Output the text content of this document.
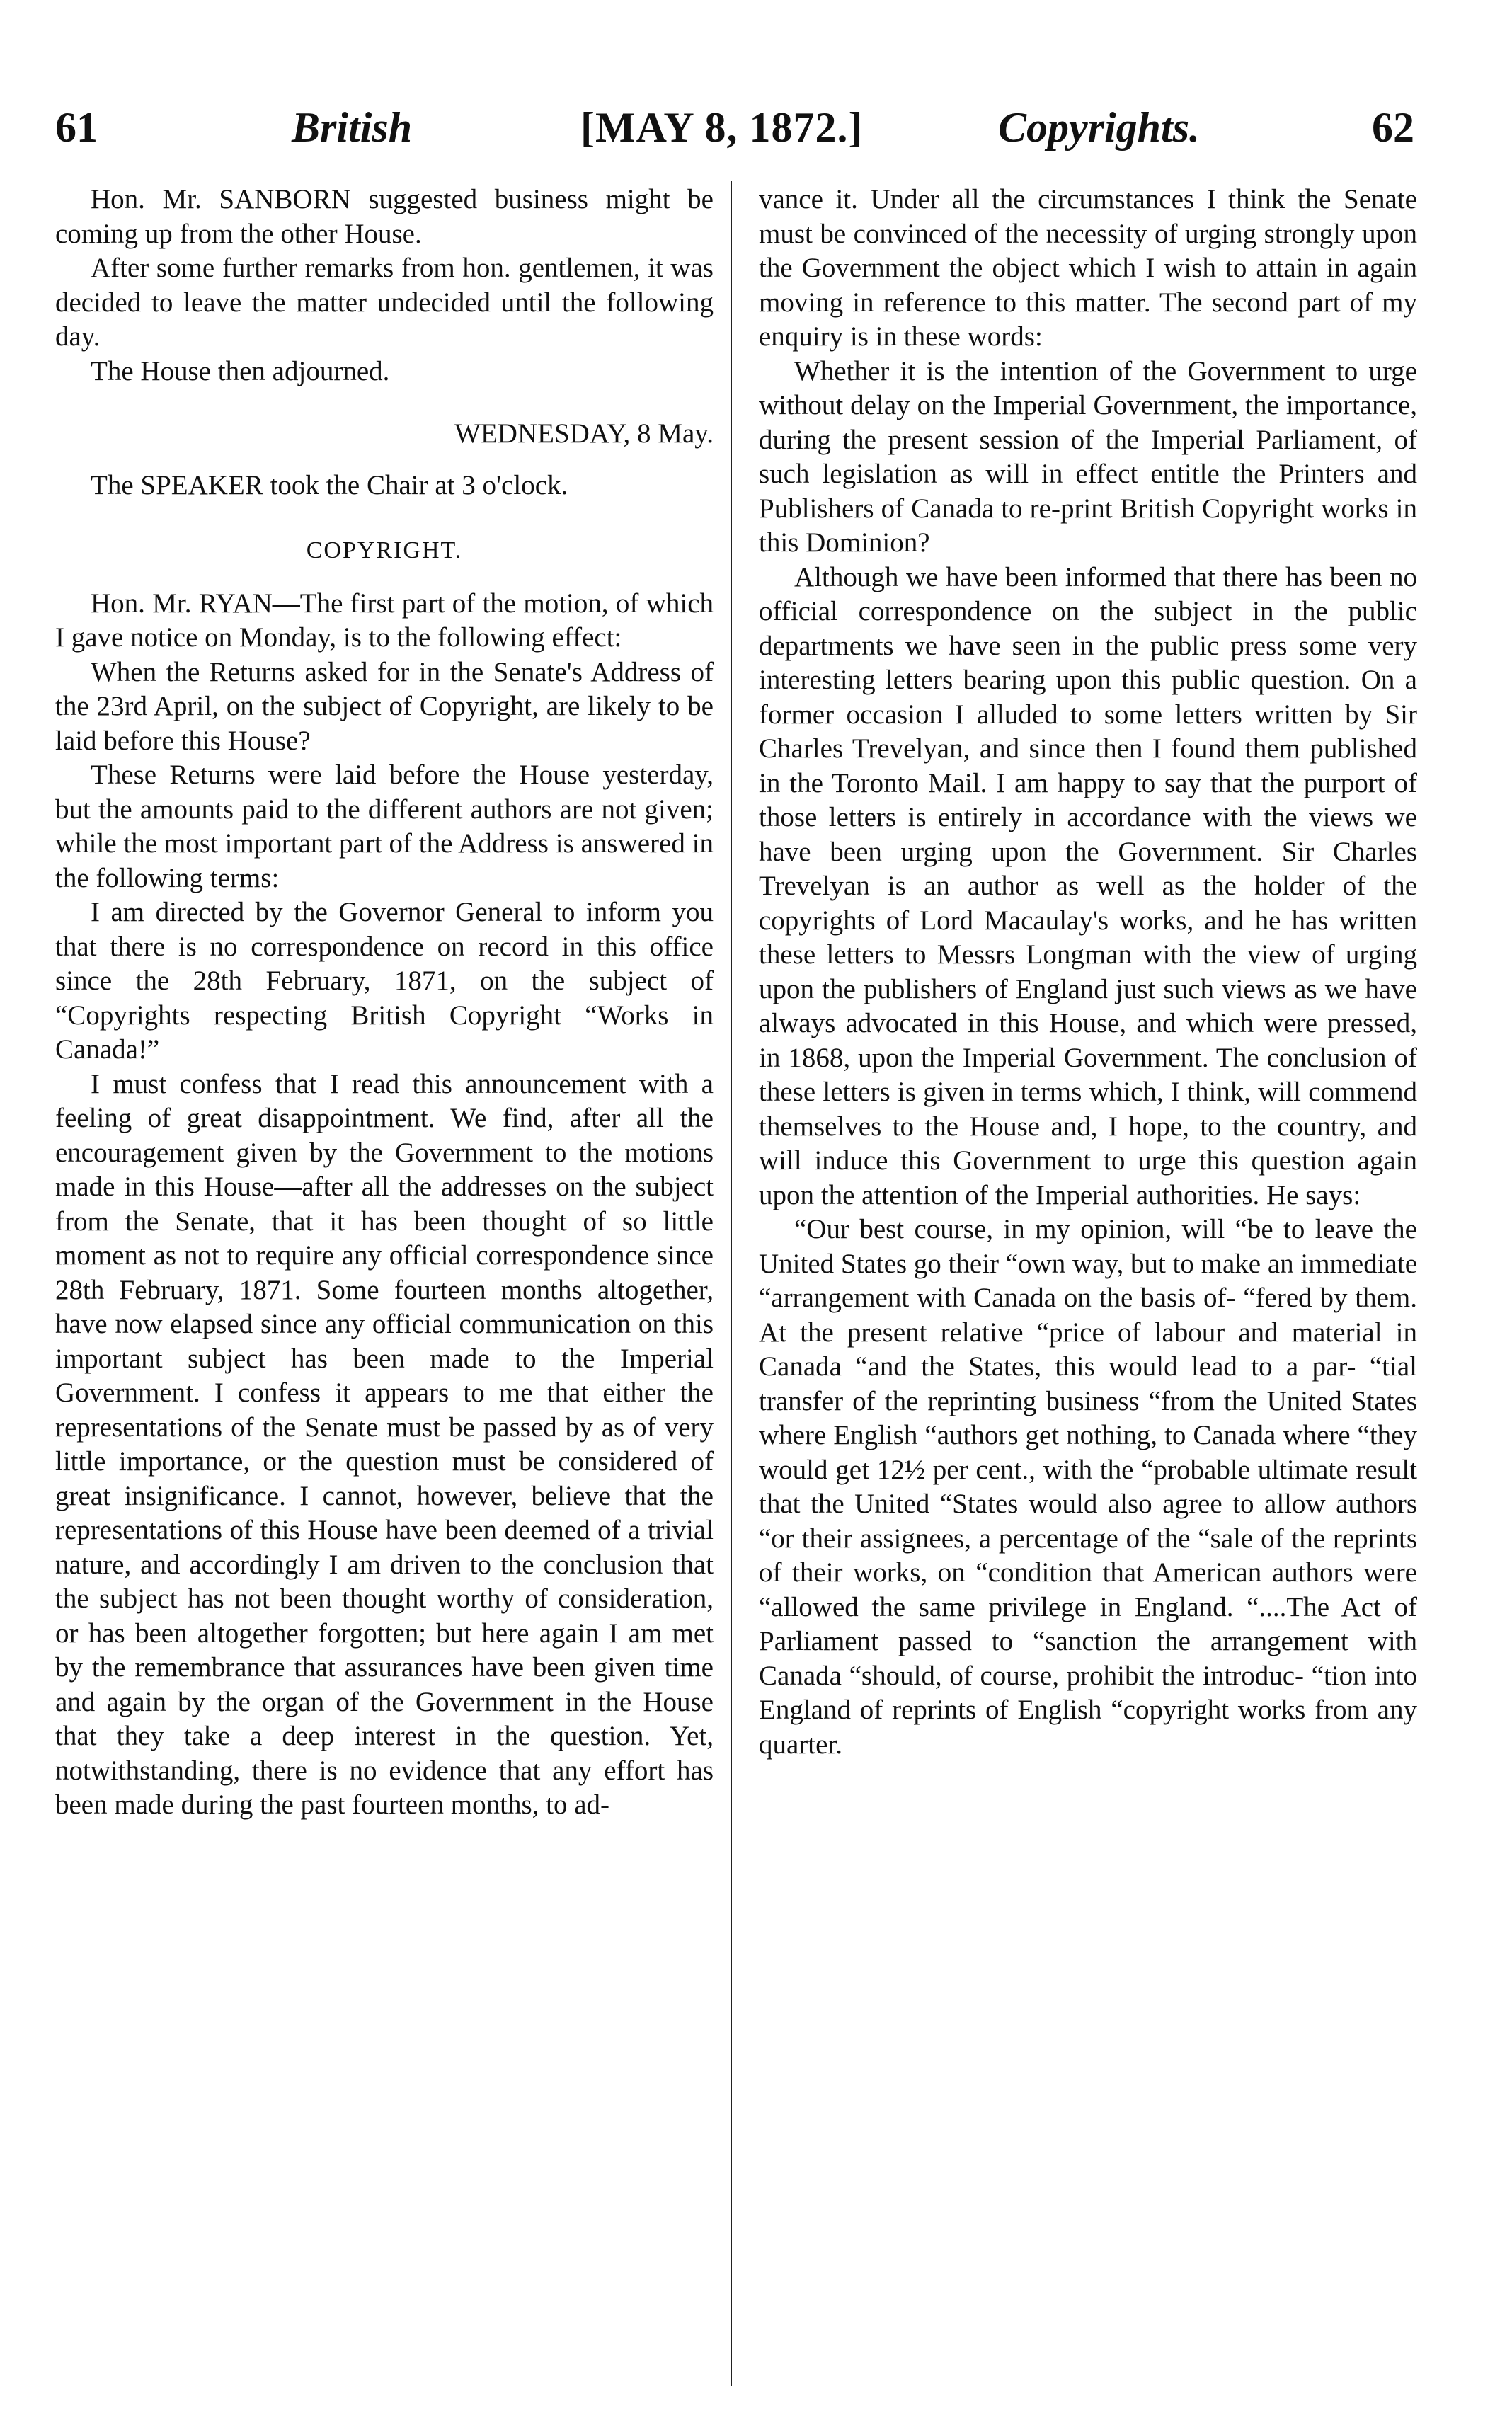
61	British	[MAY 8, 1872.]	Copyrights.	62

Hon. Mr. SANBORN suggested business might be coming up from the other House.

After some further remarks from hon. gentlemen, it was decided to leave the matter undecided until the following day.

The House then adjourned.

WEDNESDAY, 8 May.

The SPEAKER took the Chair at 3 o'clock.

COPYRIGHT.

Hon. Mr. RYAN—The first part of the motion, of which I gave notice on Monday, is to the following effect:

When the Returns asked for in the Senate's Address of the 23rd April, on the subject of Copyright, are likely to be laid before this House?

These Returns were laid before the House yesterday, but the amounts paid to the different authors are not given; while the most important part of the Address is answered in the following terms:

I am directed by the Governor General to inform you that there is no correspondence on record in this office since the 28th February, 1871, on the subject of “Copyrights respecting British Copyright “Works in Canada!”

I must confess that I read this announcement with a feeling of great disappointment. We find, after all the encouragement given by the Government to the motions made in this House—after all the addresses on the subject from the Senate, that it has been thought of so little moment as not to require any official correspondence since 28th February, 1871. Some fourteen months altogether, have now elapsed since any official communication on this important subject has been made to the Imperial Government. I confess it appears to me that either the representations of the Senate must be passed by as of very little importance, or the question must be considered of great insignificance. I cannot, however, believe that the representations of this House have been deemed of a trivial nature, and accordingly I am driven to the conclusion that the subject has not been thought worthy of consideration, or has been altogether forgotten; but here again I am met by the remembrance that assurances have been given time and again by the organ of the Government in the House that they take a deep interest in the question. Yet, notwithstanding, there is no evidence that any effort has been made during the past fourteen months, to ad-

vance it. Under all the circumstances I think the Senate must be convinced of the necessity of urging strongly upon the Government the object which I wish to attain in again moving in reference to this matter. The second part of my enquiry is in these words:

Whether it is the intention of the Government to urge without delay on the Imperial Government, the importance, during the present session of the Imperial Parliament, of such legislation as will in effect entitle the Printers and Publishers of Canada to re-print British Copyright works in this Dominion?

Although we have been informed that there has been no official correspondence on the subject in the public departments we have seen in the public press some very interesting letters bearing upon this public question. On a former occasion I alluded to some letters written by Sir Charles Trevelyan, and since then I found them published in the Toronto Mail. I am happy to say that the purport of those letters is entirely in accordance with the views we have been urging upon the Government. Sir Charles Trevelyan is an author as well as the holder of the copyrights of Lord Macaulay's works, and he has written these letters to Messrs Longman with the view of urging upon the publishers of England just such views as we have always advocated in this House, and which were pressed, in 1868, upon the Imperial Government. The conclusion of these letters is given in terms which, I think, will commend themselves to the House and, I hope, to the country, and will induce this Government to urge this question again upon the attention of the Imperial authorities. He says:

“Our best course, in my opinion, will “be to leave the United States go their “own way, but to make an immediate “arrangement with Canada on the basis of- “fered by them. At the present relative “price of labour and material in Canada “and the States, this would lead to a par- “tial transfer of the reprinting business “from the United States where English “authors get nothing, to Canada where “they would get 12½ per cent., with the “probable ultimate result that the United “States would also agree to allow authors “or their assignees, a percentage of the “sale of the reprints of their works, on “condition that American authors were “allowed the same privilege in England. “....The Act of Parliament passed to “sanction the arrangement with Canada “should, of course, prohibit the introduc- “tion into England of reprints of English “copyright works from any quarter.
